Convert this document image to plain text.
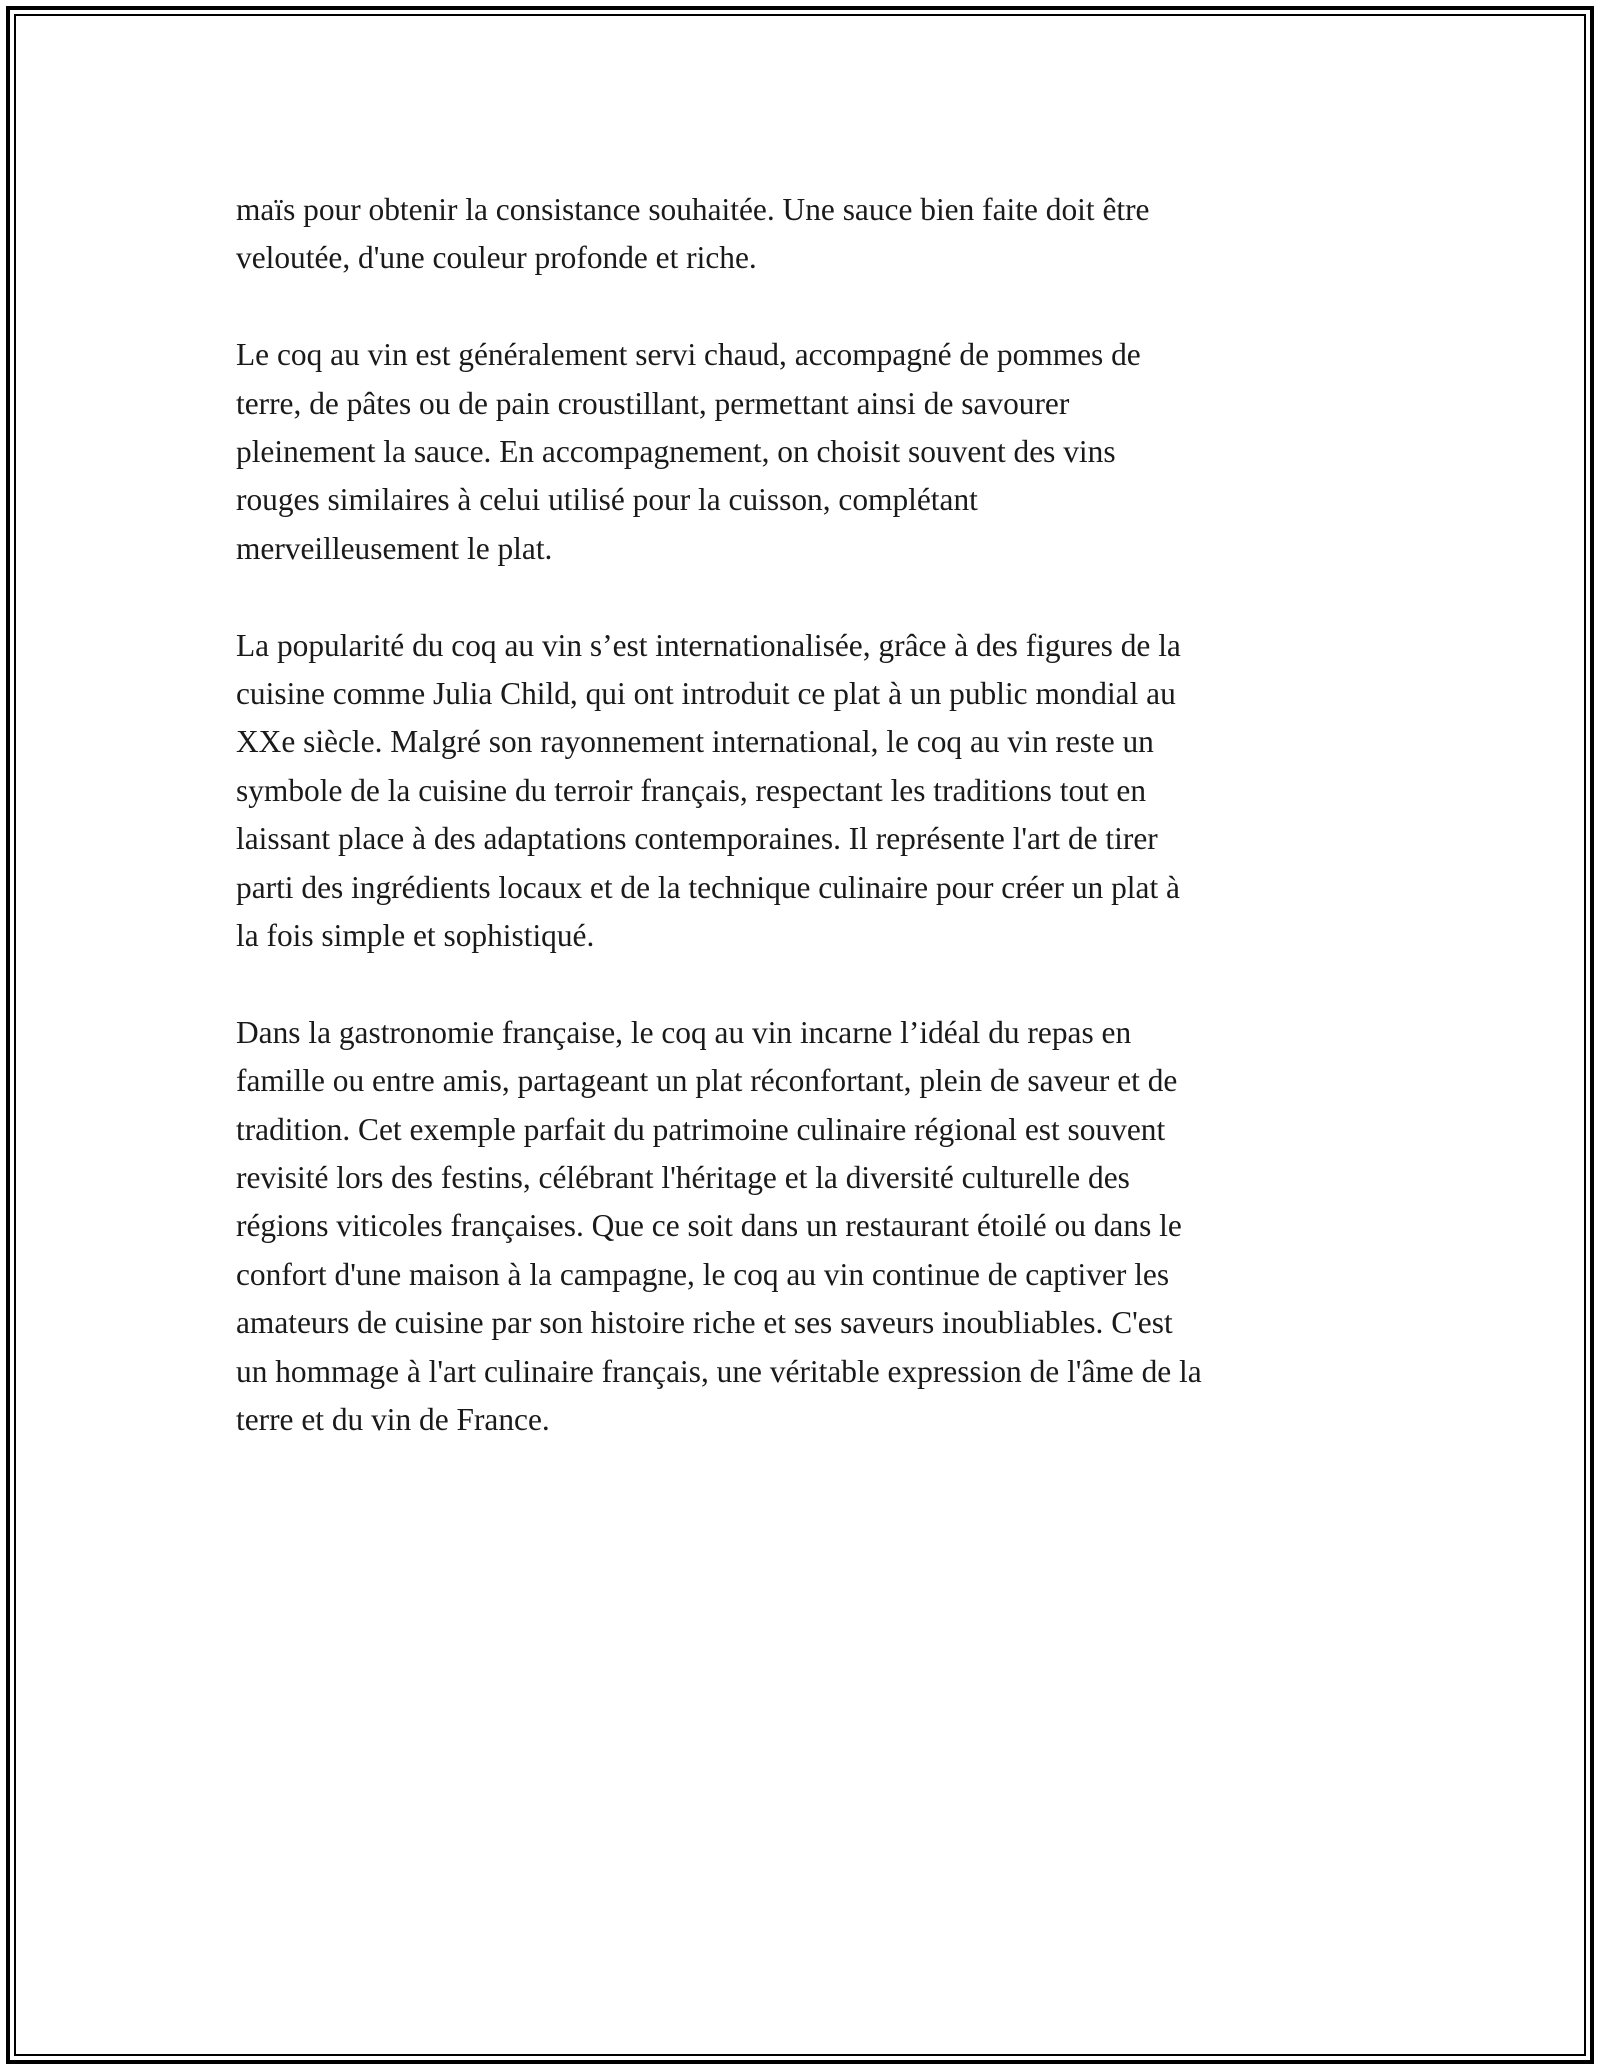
maïs pour obtenir la consistance souhaitée. Une sauce bien faite doit être
veloutée, d'une couleur profonde et riche.

Le coq au vin est généralement servi chaud, accompagné de pommes de
terre, de pâtes ou de pain croustillant, permettant ainsi de savourer
pleinement la sauce. En accompagnement, on choisit souvent des vins
rouges similaires à celui utilisé pour la cuisson, complétant
merveilleusement le plat.

La popularité du coq au vin s’est internationalisée, grâce à des figures de la
cuisine comme Julia Child, qui ont introduit ce plat à un public mondial au
XXe siècle. Malgré son rayonnement international, le coq au vin reste un
symbole de la cuisine du terroir français, respectant les traditions tout en
laissant place à des adaptations contemporaines. Il représente l'art de tirer
parti des ingrédients locaux et de la technique culinaire pour créer un plat à
la fois simple et sophistiqué.

Dans la gastronomie française, le coq au vin incarne l’idéal du repas en
famille ou entre amis, partageant un plat réconfortant, plein de saveur et de
tradition. Cet exemple parfait du patrimoine culinaire régional est souvent
revisité lors des festins, célébrant l'héritage et la diversité culturelle des
régions viticoles françaises. Que ce soit dans un restaurant étoilé ou dans le
confort d'une maison à la campagne, le coq au vin continue de captiver les
amateurs de cuisine par son histoire riche et ses saveurs inoubliables. C'est
un hommage à l'art culinaire français, une véritable expression de l'âme de la
terre et du vin de France.
